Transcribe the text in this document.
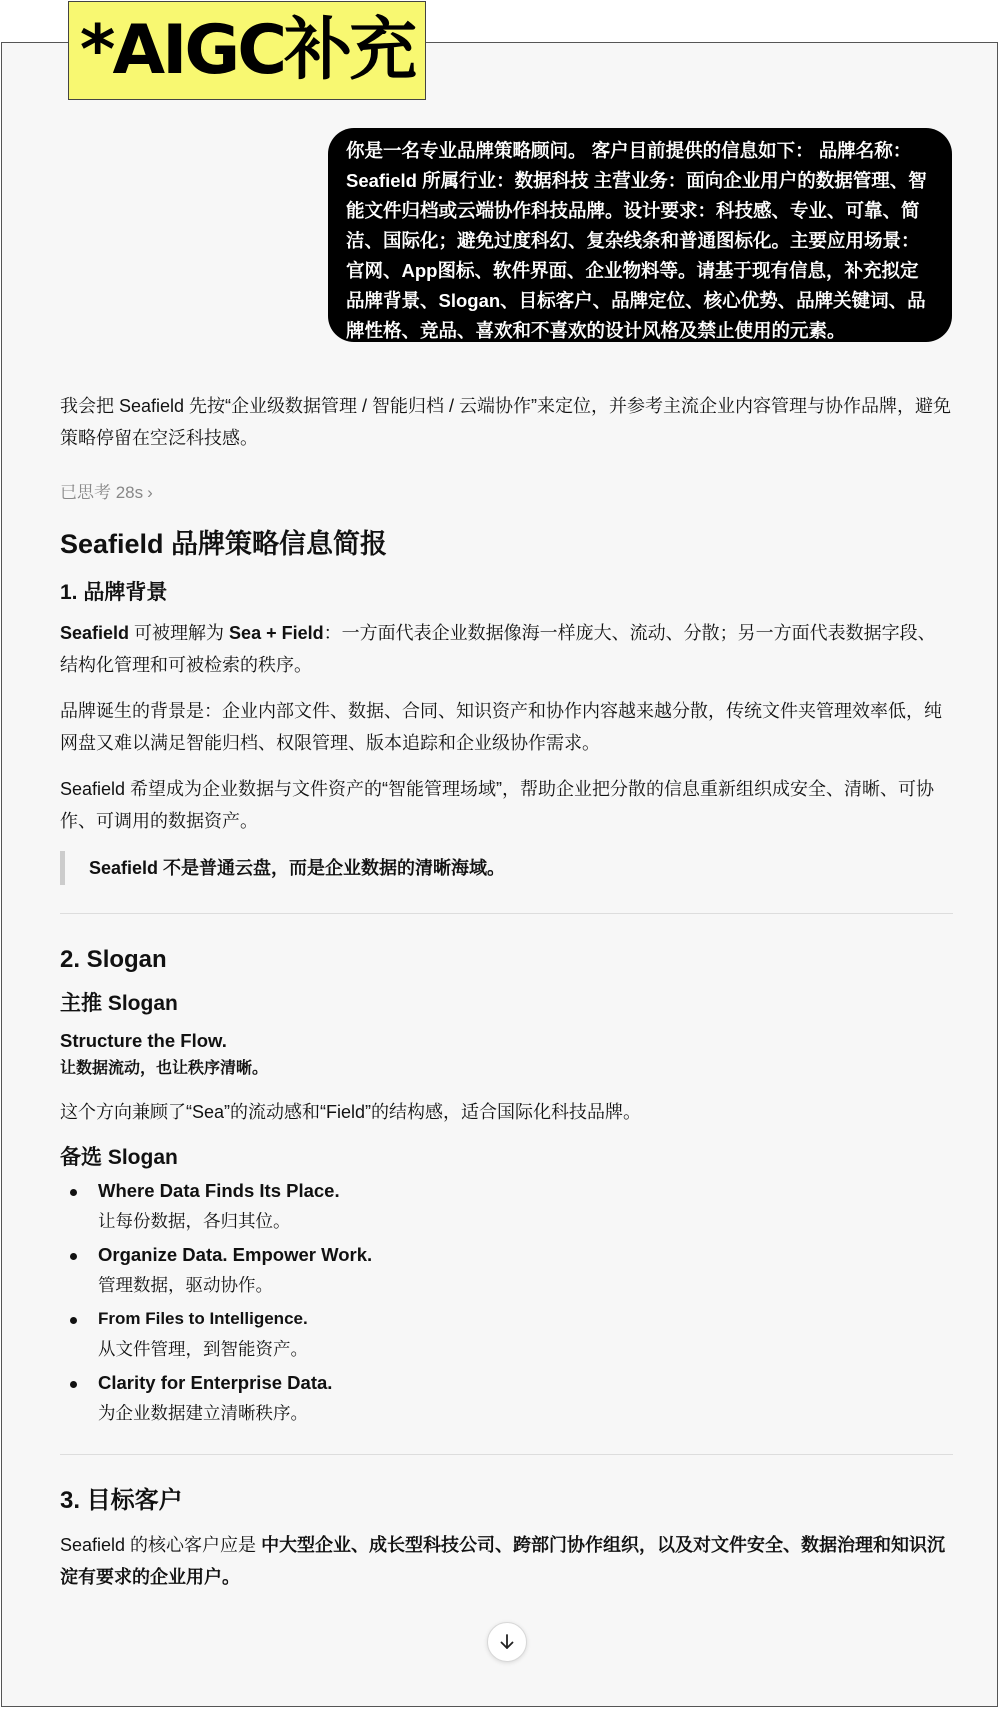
*AIGC补充
你是一名专业品牌策略顾问。 客户目前提供的信息如下： 品牌名称：Seafield 所属行业：数据科技 主营业务：面向企业用户的数据管理、智能文件归档或云端协作科技品牌。设计要求：科技感、专业、可靠、简洁、国际化；避免过度科幻、复杂线条和普通图标化。主要应用场景：官网、App图标、软件界面、企业物料等。请基于现有信息，补充拟定品牌背景、Slogan、目标客户、品牌定位、核心优势、品牌关键词、品牌性格、竞品、喜欢和不喜欢的设计风格及禁止使用的元素。

我会把 Seafield 先按“企业级数据管理 / 智能归档 / 云端协作”来定位，并参考主流企业内容管理与协作品牌，避免策略停留在空泛科技感。

已思考 28s ›
Seafield 品牌策略信息简报
1. 品牌背景

Seafield 可被理解为 Sea + Field：一方面代表企业数据像海一样庞大、流动、分散；另一方面代表数据字段、结构化管理和可被检索的秩序。

品牌诞生的背景是：企业内部文件、数据、合同、知识资产和协作内容越来越分散，传统文件夹管理效率低，纯网盘又难以满足智能归档、权限管理、版本追踪和企业级协作需求。

Seafield 希望成为企业数据与文件资产的“智能管理场域”，帮助企业把分散的信息重新组织成安全、清晰、可协作、可调用的数据资产。

Seafield 不是普通云盘，而是企业数据的清晰海域。
2. Slogan
主推 Slogan
Structure the Flow.
让数据流动，也让秩序清晰。

这个方向兼顾了“Sea”的流动感和“Field”的结构感，适合国际化科技品牌。

备选 Slogan
Where Data Finds Its Place.
让每份数据，各归其位。
Organize Data. Empower Work.
管理数据，驱动协作。
From Files to Intelligence.
从文件管理，到智能资产。
Clarity for Enterprise Data.
为企业数据建立清晰秩序。
3. 目标客户

Seafield 的核心客户应是 中大型企业、成长型科技公司、跨部门协作组织，以及对文件安全、数据治理和知识沉淀有要求的企业用户。
